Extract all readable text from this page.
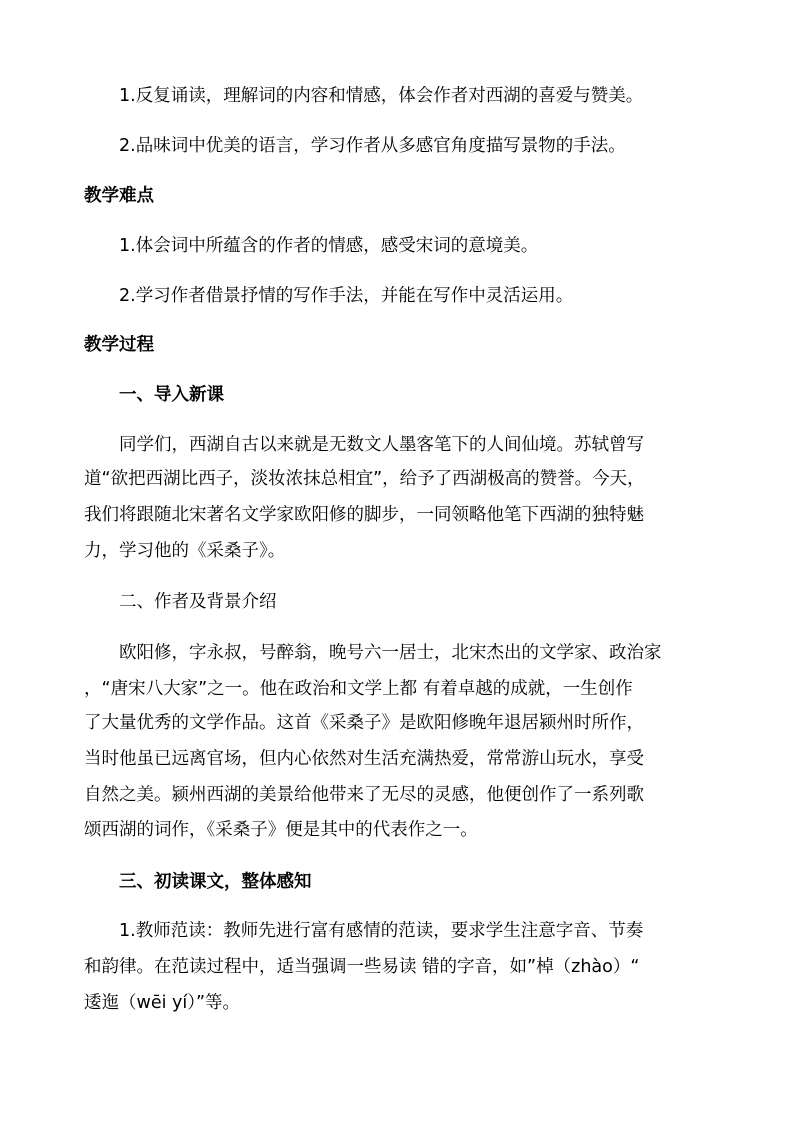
1.反复诵读，理解词的内容和情感，体会作者对西湖的喜爱与赞美。
2.品味词中优美的语言，学习作者从多感官角度描写景物的手法。
教学难点
1.体会词中所蕴含的作者的情感，感受宋词的意境美。
2.学习作者借景抒情的写作手法，并能在写作中灵活运用。
教学过程
一、导入新课
同学们，西湖自古以来就是无数文人墨客笔下的人间仙境。苏轼曾写
道“欲把西湖比西子，淡妆浓抹总相宜”，给予了西湖极高的赞誉。今天，
我们将跟随北宋著名文学家欧阳修的脚步，一同领略他笔下西湖的独特魅
力，学习他的《采桑子》。
二、作者及背景介绍
欧阳修，字永叔，号醉翁，晚号六一居士，北宋杰出的文学家、政治家
，“唐宋八大家”之一。他在政治和文学上都 有着卓越的成就，一生创作
了大量优秀的文学作品。这首《采桑子》是欧阳修晚年退居颍州时所作，
当时他虽已远离官场，但内心依然对生活充满热爱，常常游山玩水，享受
自然之美。颍州西湖的美景给他带来了无尽的灵感，他便创作了一系列歌
颂西湖的词作，《采桑子》便是其中的代表作之一。
三、初读课文，整体感知
1.教师范读：教师先进行富有感情的范读，要求学生注意字音、节奏
和韵律。在范读过程中，适当强调一些易读 错的字音，如”棹（zhào）“
逶迤（wēi yí）”等。
